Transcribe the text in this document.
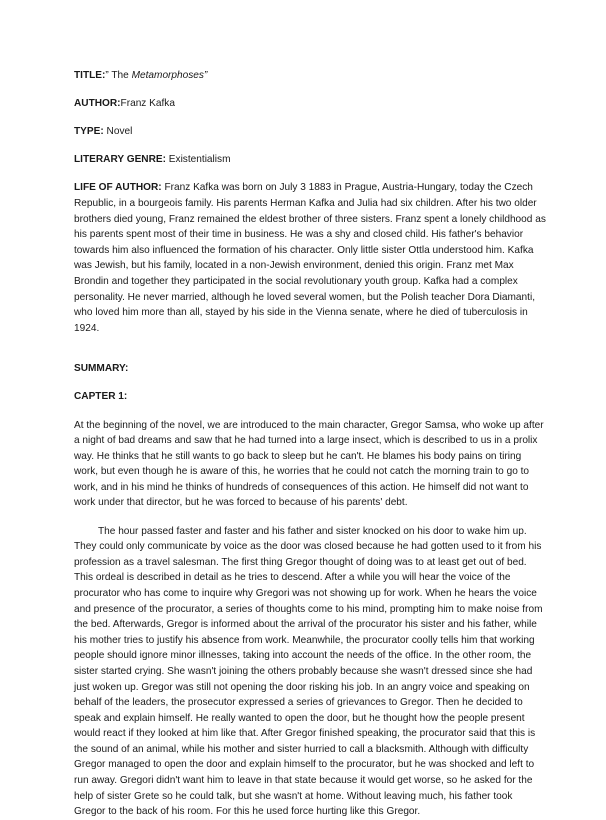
TITLE:” The Metamorphoses”
AUTHOR:Franz Kafka
TYPE: Novel
LITERARY GENRE: Existentialism

LIFE OF AUTHOR: Franz Kafka was born on July 3 1883 in Prague, Austria-Hungary, today the Czech Republic, in a bourgeois family. His parents Herman Kafka and Julia had six children. After his two older brothers died young, Franz remained the eldest brother of three sisters. Franz spent a lonely childhood as his parents spent most of their time in business. He was a shy and closed child. His father's behavior towards him also influenced the formation of his character. Only little sister Ottla understood him. Kafka was Jewish, but his family, located in a non-Jewish environment, denied this origin. Franz met Max Brondin and together they participated in the social revolutionary youth group. Kafka had a complex personality. He never married, although he loved several women, but the Polish teacher Dora Diamanti, who loved him more than all, stayed by his side in the Vienna senate, where he died of tuberculosis in 1924.

SUMMARY:
CAPTER 1:

At the beginning of the novel, we are introduced to the main character, Gregor Samsa, who woke up after a night of bad dreams and saw that he had turned into a large insect, which is described to us in a prolix way. He thinks that he still wants to go back to sleep but he can't. He blames his body pains on tiring work, but even though he is aware of this, he worries that he could not catch the morning train to go to work, and in his mind he thinks of hundreds of consequences of this action. He himself did not want to work under that director, but he was forced to because of his parents' debt.

The hour passed faster and faster and his father and sister knocked on his door to wake him up. They could only communicate by voice as the door was closed because he had gotten used to it from his profession as a travel salesman. The first thing Gregor thought of doing was to at least get out of bed. This ordeal is described in detail as he tries to descend. After a while you will hear the voice of the procurator who has come to inquire why Gregori was not showing up for work. When he hears the voice and presence of the procurator, a series of thoughts come to his mind, prompting him to make noise from the bed. Afterwards, Gregor is informed about the arrival of the procurator his sister and his father, while his mother tries to justify his absence from work. Meanwhile, the procurator coolly tells him that working people should ignore minor illnesses, taking into account the needs of the office. In the other room, the sister started crying. She wasn't joining the others probably because she wasn't dressed since she had just woken up. Gregor was still not opening the door risking his job. In an angry voice and speaking on behalf of the leaders, the prosecutor expressed a series of grievances to Gregor. Then he decided to speak and explain himself. He really wanted to open the door, but he thought how the people present would react if they looked at him like that. After Gregor finished speaking, the procurator said that this is the sound of an animal, while his mother and sister hurried to call a blacksmith. Although with difficulty Gregor managed to open the door and explain himself to the procurator, but he was shocked and left to run away. Gregori didn't want him to leave in that state because it would get worse, so he asked for the help of sister Grete so he could talk, but she wasn't at home. Without leaving much, his father took Gregor to the back of his room. For this he used force hurting like this Gregor.
